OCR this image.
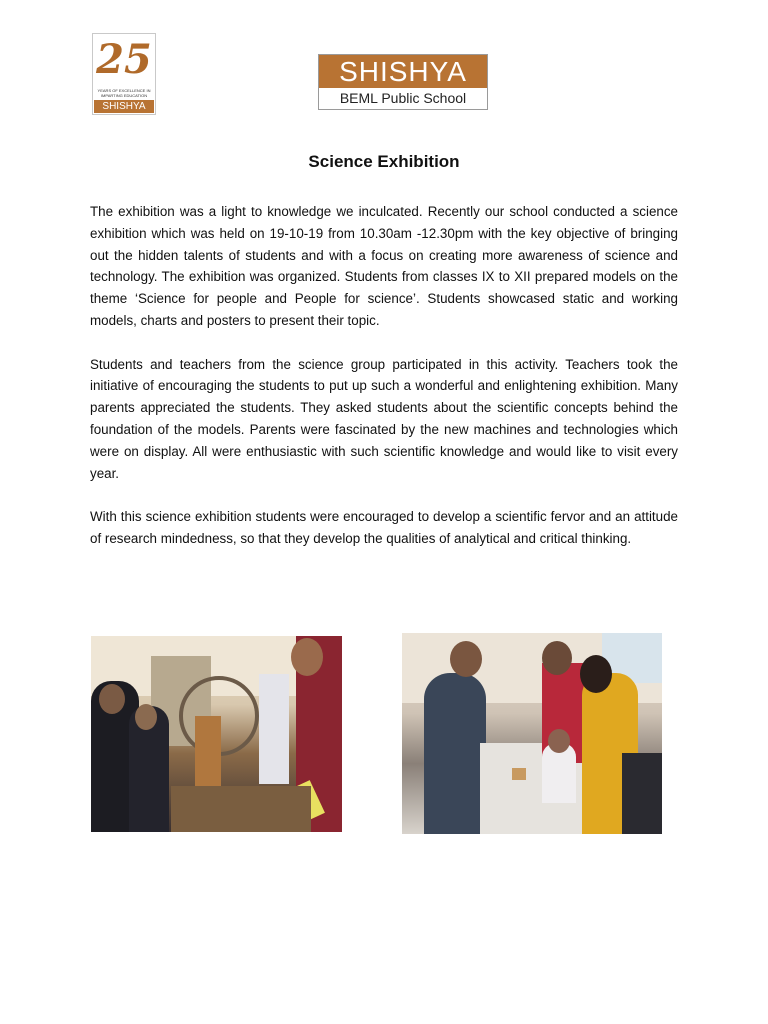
25
YEARS OF EXCELLENCE IN IMPARTING EDUCATION
SHISHYA
SHISHYA
BEML Public School
Science Exhibition

The exhibition was a light to knowledge we inculcated. Recently our school conducted a science exhibition which was held on 19-10-19 from 10.30am -12.30pm with the key objective of bringing out the hidden talents of students and with a focus on creating more awareness of science and technology. The exhibition was organized. Students from classes IX to XII prepared models on the theme ‘Science for people and People for science’. Students showcased static and working models, charts and posters to present their topic.

Students and teachers from the science group participated in this activity. Teachers took the initiative of encouraging the students to put up such a wonderful and enlightening exhibition. Many parents appreciated the students. They asked students about the scientific concepts behind the foundation of the models. Parents were fascinated by the new machines and technologies which were on display. All were enthusiastic with such scientific knowledge and would like to visit every year.

With this science exhibition students were encouraged to develop a scientific fervor and an attitude of research mindedness, so that they develop the qualities of analytical and critical thinking.
